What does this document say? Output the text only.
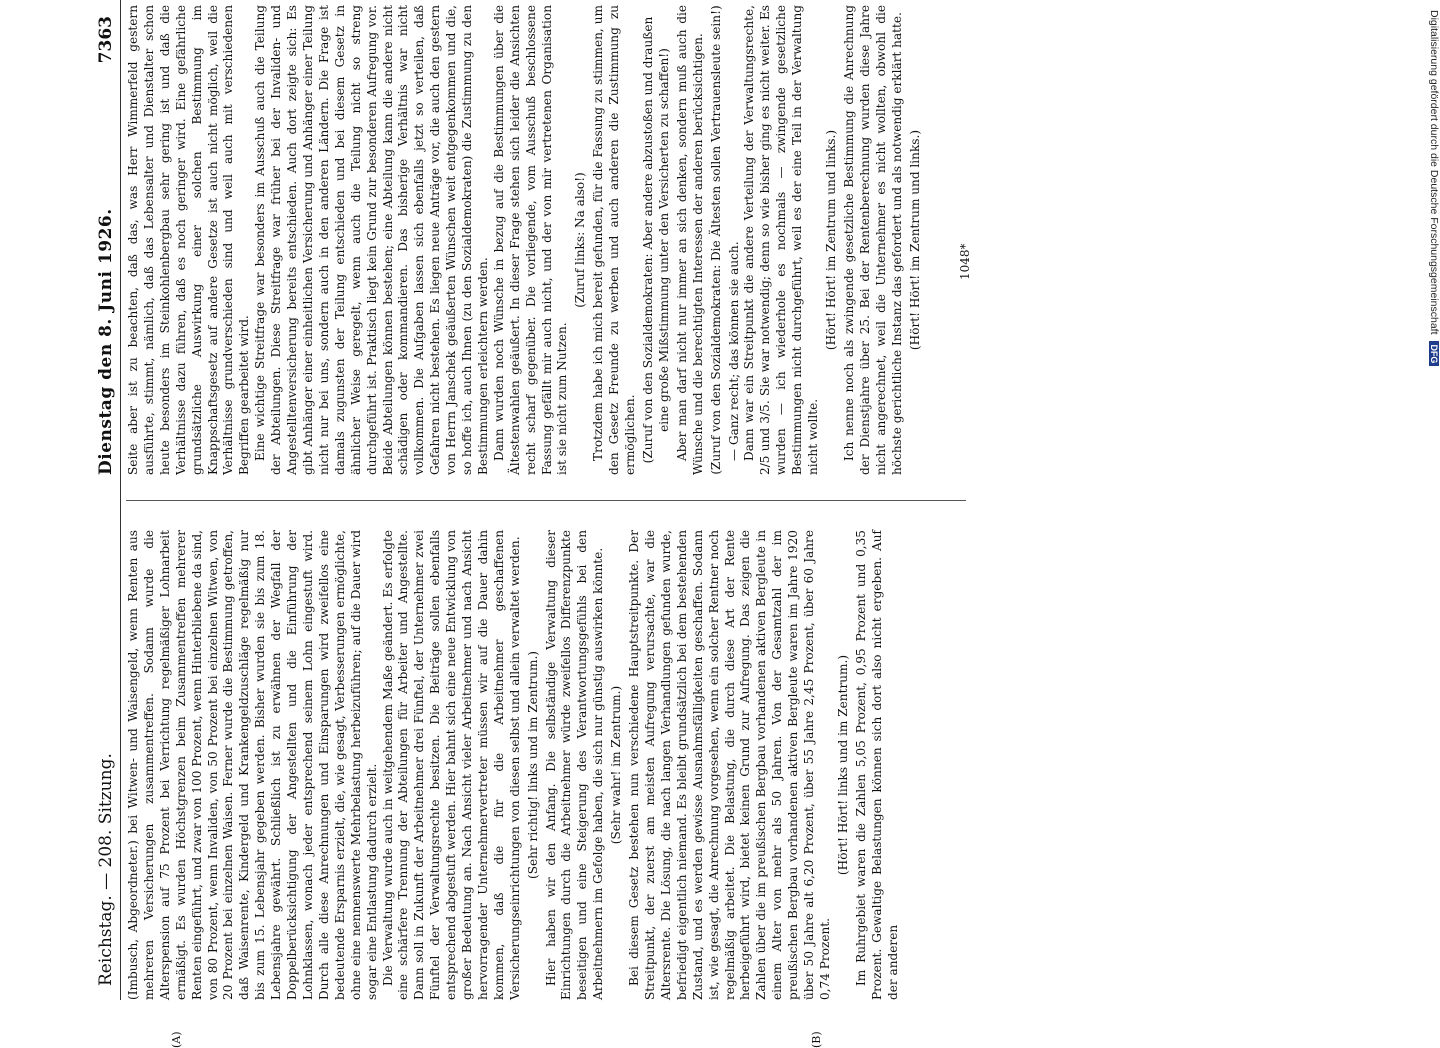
Reichstag. — 208. Sitzung.
Dienstag den 8. Juni 1926.
7363
(A)	(B)

(Imbusch, Abgeordneter.) bei Witwen- und Waisengeld, wenn Renten aus mehreren Versicherungen zusammentreffen. Sodann wurde die Alterspension auf 75 Prozent bei Verrichtung regelmäßiger Lohnarbeit ermäßigt. Es wurden Höchstgrenzen beim Zusammentreffen mehrerer Renten eingeführt, und zwar von 100 Prozent, wenn Hinterbliebene da sind, von 80 Prozent, wenn Invaliden, von 50 Prozent bei einzelnen Witwen, von 20 Prozent bei einzelnen Waisen. Ferner wurde die Bestimmung getroffen, daß Waisenrente, Kindergeld und Krankengeldzuschläge regelmäßig nur bis zum 15. Lebensjahr gegeben werden. Bisher wurden sie bis zum 18. Lebensjahre gewährt. Schließlich ist zu erwähnen der Wegfall der Doppelberücksichtigung der Angestellten und die Einführung der Lohnklassen, wonach jeder entsprechend seinem Lohn eingestuft wird. Durch alle diese Anrechnungen und Einsparungen wird zweifellos eine bedeutende Ersparnis erzielt, die, wie gesagt, Verbesserungen ermöglichte, ohne eine nennenswerte Mehrbelastung herbeizuführen; auf die Dauer wird sogar eine Entlastung dadurch erzielt. Die Verwaltung wurde auch in weitgehendem Maße geändert. Es erfolgte eine schärfere Trennung der Abteilungen für Arbeiter und Angestellte. Dann soll in Zukunft der Arbeitnehmer drei Fünftel, der Unternehmer zwei Fünftel der Verwaltungsrechte besitzen. Die Beiträge sollen ebenfalls entsprechend abgestuft werden. Hier bahnt sich eine neue Entwicklung von großer Bedeutung an. Nach Ansicht vieler Arbeitnehmer und nach Ansicht hervorragender Unternehmervertreter müssen wir auf die Dauer dahin kommen, daß die für die Arbeitnehmer geschaffenen Versicherungseinrichtungen von diesen selbst und allein verwaltet werden. (Sehr richtig! links und im Zentrum.) Hier haben wir den Anfang. Die selbständige Verwaltung dieser Einrichtungen durch die Arbeitnehmer würde zweifellos Differenzpunkte beseitigen und eine Steigerung des Verantwortungsgefühls bei den Arbeitnehmern im Gefolge haben, die sich nur günstig auswirken könnte. (Sehr wahr! im Zentrum.) Bei diesem Gesetz bestehen nun verschiedene Hauptstreitpunkte. Der Streitpunkt, der zuerst am meisten Aufregung verursachte, war die Altersrente. Die Lösung, die nach langen Verhandlungen gefunden wurde, befriedigt eigentlich niemand. Es bleibt grundsätzlich bei dem bestehenden Zustand, und es werden gewisse Ausnahmsfälligkeiten geschaffen. Sodann ist, wie gesagt, die Anrechnung vorgesehen, wenn ein solcher Rentner noch regelmäßig arbeitet. Die Belastung, die durch diese Art der Rente herbeigeführt wird, bietet keinen Grund zur Aufregung. Das zeigen die Zahlen über die im preußischen Bergbau vorhandenen aktiven Bergleute in einem Alter von mehr als 50 Jahren. Von der Gesamtzahl der im preußischen Bergbau vorhandenen aktiven Bergleute waren im Jahre 1920 über 50 Jahre alt 6,20 Prozent, über 55 Jahre 2,45 Prozent, über 60 Jahre 0,74 Prozent.

(Hört! Hört! links und im Zentrum.) Im Ruhrgebiet waren die Zahlen 5,05 Prozent, 0,95 Prozent und 0,35 Prozent. Gewaltige Belastungen können sich dort also nicht ergeben. Auf der anderen

Seite aber ist zu beachten, daß das, was Herr Wimmerfeld gestern ausführte, stimmt, nämlich, daß das Lebensalter und Dienstalter schon heute besonders im Steinkohlenbergbau sehr gering ist und daß die Verhältnisse dazu führen, daß es noch geringer wird. Eine gefährliche grundsätzliche Auswirkung einer solchen Bestimmung im Knappschaftsgesetz auf andere Gesetze ist auch nicht möglich, weil die Verhältnisse grundverschieden sind und weil auch mit verschiedenen Begriffen gearbeitet wird. Eine wichtige Streitfrage war besonders im Ausschuß auch die Teilung der Abteilungen. Diese Streitfrage war früher bei der Invaliden- und Angestelltenversicherung bereits entschieden. Auch dort zeigte sich: Es gibt Anhänger einer einheitlichen Versicherung und Anhänger einer Teilung nicht nur bei uns, sondern auch in den anderen Ländern. Die Frage ist damals zugunsten der Teilung entschieden und bei diesem Gesetz in ähnlicher Weise geregelt, wenn auch die Teilung nicht so streng durchgeführt ist. Praktisch liegt kein Grund zur besonderen Aufregung vor. Beide Abteilungen können bestehen; eine Abteilung kann die andere nicht schädigen oder kommandieren. Das bisherige Verhältnis war nicht vollkommen. Die Aufgaben lassen sich ebenfalls jetzt so verteilen, daß Gefahren nicht bestehen. Es liegen neue Anträge vor, die auch den gestern von Herrn Janschek geäußerten Wünschen weit entgegenkommen und die, so hoffe ich, auch Ihnen (zu den Sozialdemokraten) die Zustimmung zu den Bestimmungen erleichtern werden. Dann wurden noch Wünsche in bezug auf die Bestimmungen über die Ältestenwahlen geäußert. In dieser Frage stehen sich leider die Ansichten recht scharf gegenüber. Die vorliegende, vom Ausschuß beschlossene Fassung gefällt mir auch nicht, und der von mir vertretenen Organisation ist sie nicht zum Nutzen.

(Zuruf links: Na also!) Trotzdem habe ich mich bereit gefunden, für die Fassung zu stimmen, um den Gesetz Freunde zu werben und auch anderen die Zustimmung zu ermöglichen. (Zuruf von den Sozialdemokraten: Aber andere abzustoßen und draußen eine große Mißstimmung unter den Versicherten zu schaffen!) Aber man darf nicht nur immer an sich denken, sondern muß auch die Wünsche und die berechtigten Interessen der anderen berücksichtigen. (Zuruf von den Sozialdemokraten: Die Ältesten sollen Vertrauensleute sein!) — Ganz recht; das können sie auch. Dann war ein Streitpunkt die andere Verteilung der Verwaltungsrechte, 2/5 und 3/5. Sie war notwendig; denn so wie bisher ging es nicht weiter. Es wurden — ich wiederhole es nochmals — zwingende gesetzliche Bestimmungen nicht durchgeführt, weil es der eine Teil in der Verwaltung nicht wollte.

(Hört! Hört! im Zentrum und links.) Ich nenne noch als zwingende gesetzliche Bestimmung die Anrechnung der Dienstjahre über 25. Bei der Rentenberechnung wurden diese Jahre nicht angerechnet, weil die Unternehmer es nicht wollten, obwohl die höchste gerichtliche Instanz das gefordert und als notwendig erklärt hatte. (Hört! Hört! im Zentrum und links.)	1048*	Digitalisierung gefördert durch die Deutsche Forschungsgemeinschaft DFG
